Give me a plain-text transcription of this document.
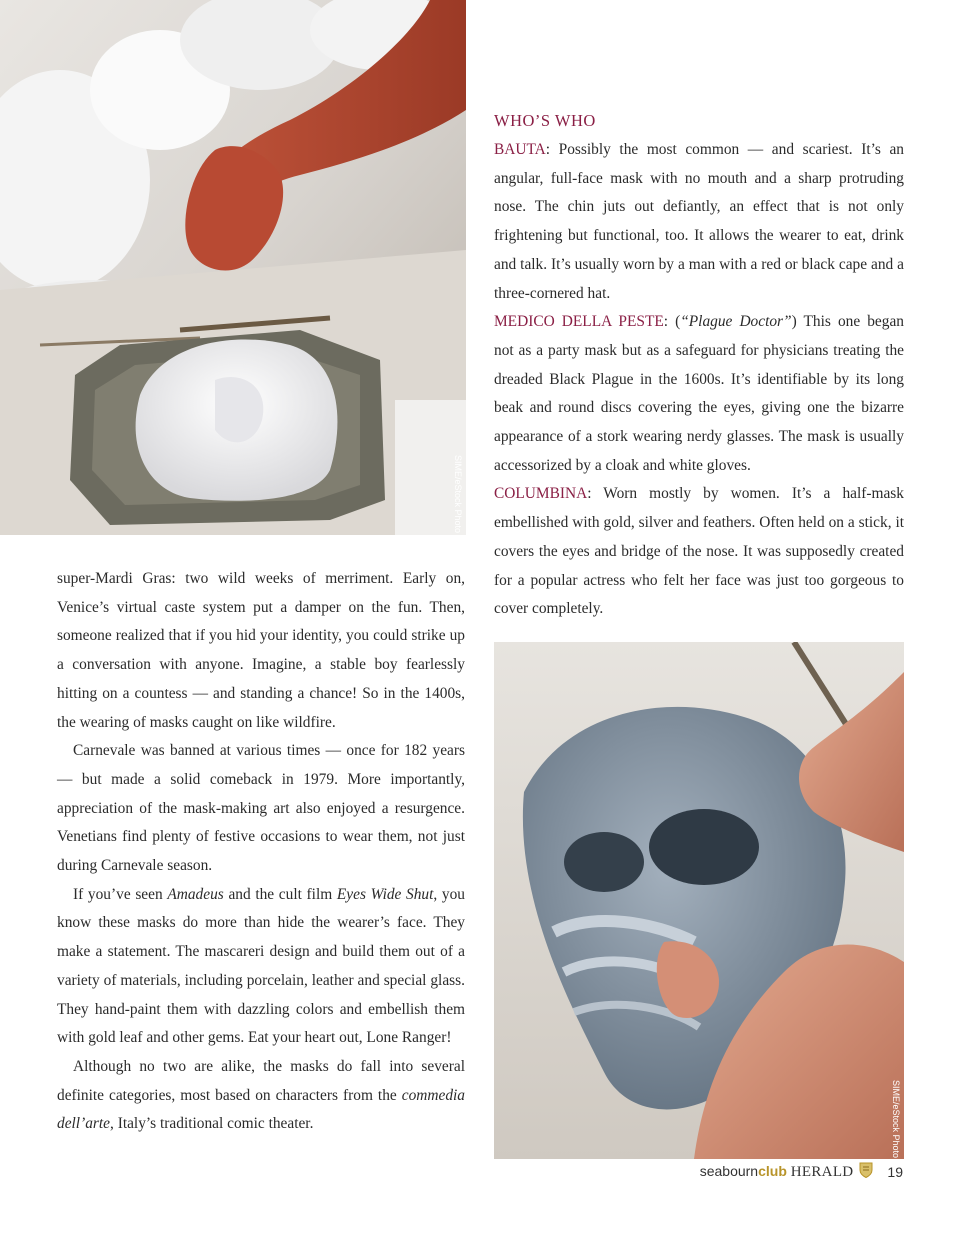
SIME/eStock Photo
SIME/eStock Photo

super-Mardi Gras: two wild weeks of merriment. Early on, Venice’s virtual caste system put a damper on the fun. Then, someone realized that if you hid your identity, you could strike up a conversation with anyone. Imagine, a stable boy fearlessly hitting on a countess — and standing a chance! So in the 1400s, the wearing of masks caught on like wildfire.

Carnevale was banned at various times — once for 182 years — but made a solid comeback in 1979. More importantly, appreciation of the mask-making art also enjoyed a resurgence. Venetians find plenty of festive occasions to wear them, not just during Carnevale season.

If you’ve seen Amadeus and the cult film Eyes Wide Shut, you know these masks do more than hide the wearer’s face. They make a statement. The mascareri design and build them out of a variety of materials, including porcelain, leather and special glass. They hand-paint them with dazzling colors and embellish them with gold leaf and other gems. Eat your heart out, Lone Ranger!

Although no two are alike, the masks do fall into several definite categories, most based on characters from the commedia dell’arte, Italy’s traditional comic theater.

WHO’S WHO

BAUTA: Possibly the most common — and scariest. It’s an angular, full-face mask with no mouth and a sharp protruding nose. The chin juts out defiantly, an effect that is not only frightening but functional, too. It allows the wearer to eat, drink and talk. It’s usually worn by a man with a red or black cape and a three-cornered hat.

MEDICO DELLA PESTE: (“Plague Doctor”) This one began not as a party mask but as a safeguard for physicians treating the dreaded Black Plague in the 1600s. It’s identifiable by its long beak and round discs covering the eyes, giving one the bizarre appearance of a stork wearing nerdy glasses. The mask is usually accessorized by a cloak and white gloves.

COLUMBINA: Worn mostly by women. It’s a half-mask embellished with gold, silver and feathers. Often held on a stick, it covers the eyes and bridge of the nose. It was supposedly created for a popular actress who felt her face was just too gorgeous to cover completely.

seabournclub HERALD 19
